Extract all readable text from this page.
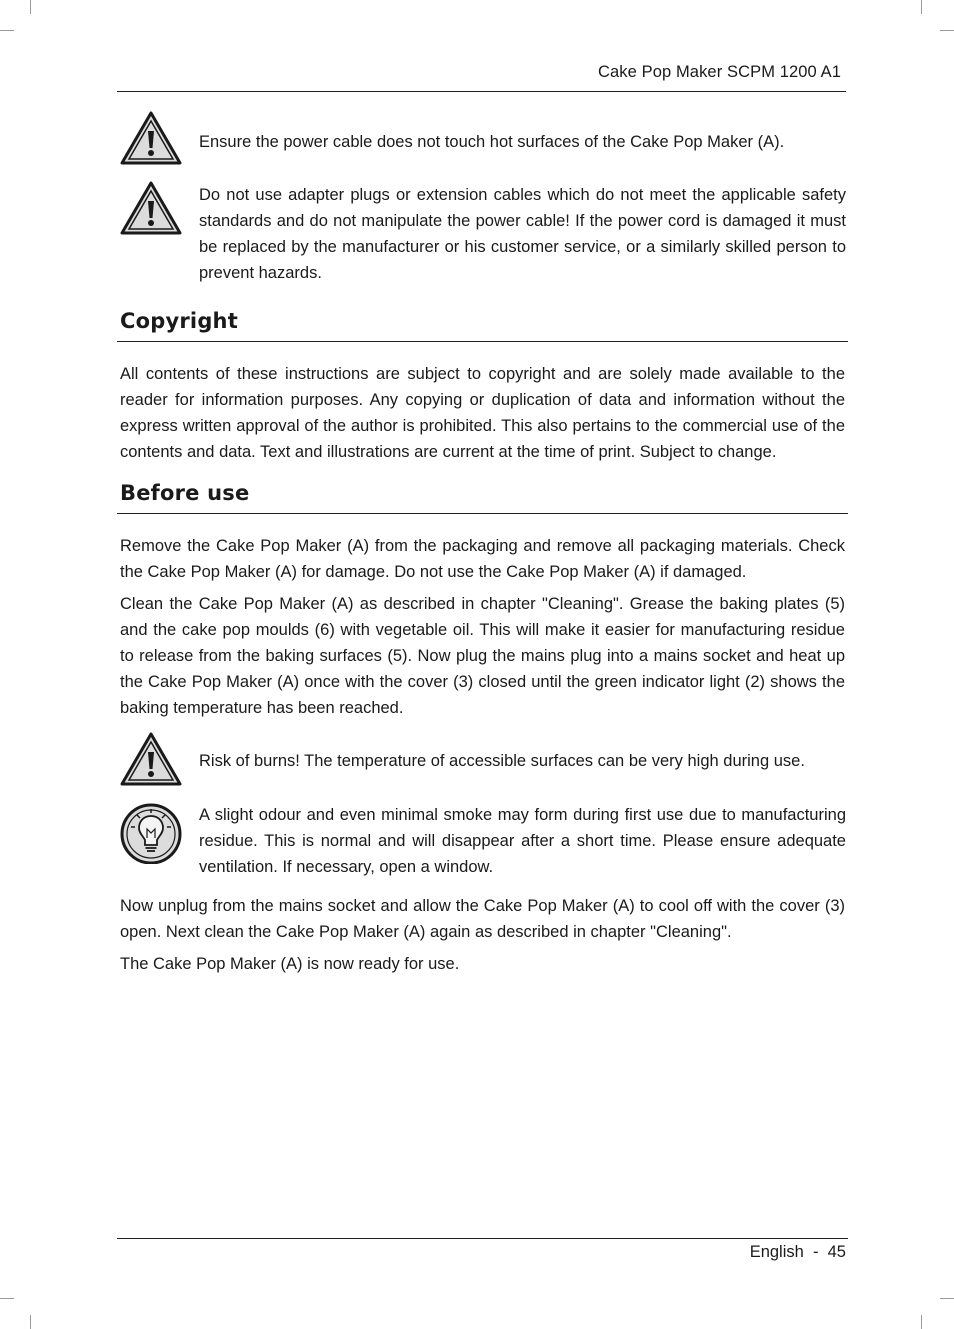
Cake Pop Maker SCPM 1200 A1
Ensure the power cable does not touch hot surfaces of the Cake Pop Maker (A).
Do not use adapter plugs or extension cables which do not meet the applicable safety standards and do not manipulate the power cable! If the power cord is damaged it must be replaced by the manufacturer or his customer service, or a similarly skilled person to prevent hazards.
Copyright

All contents of these instructions are subject to copyright and are solely made available to the reader for information purposes. Any copying or duplication of data and information without the express written approval of the author is prohibited. This also pertains to the commercial use of the contents and data. Text and illustrations are current at the time of print. Subject to change.

Before use

Remove the Cake Pop Maker (A) from the packaging and remove all packaging materials. Check the Cake Pop Maker (A) for damage. Do not use the Cake Pop Maker (A) if damaged.

Clean the Cake Pop Maker (A) as described in chapter "Cleaning". Grease the baking plates (5) and the cake pop moulds (6) with vegetable oil. This will make it easier for manufacturing residue to release from the baking surfaces (5). Now plug the mains plug into a mains socket and heat up the Cake Pop Maker (A) once with the cover (3) closed until the green indicator light (2) shows the baking temperature has been reached.

Risk of burns! The temperature of accessible surfaces can be very high during use.
A slight odour and even minimal smoke may form during first use due to manufacturing residue. This is normal and will disappear after a short time. Please ensure adequate ventilation. If necessary, open a window.

Now unplug from the mains socket and allow the Cake Pop Maker (A) to cool off with the cover (3) open. Next clean the Cake Pop Maker (A) again as described in chapter "Cleaning".

The Cake Pop Maker (A) is now ready for use.

English  -  45
